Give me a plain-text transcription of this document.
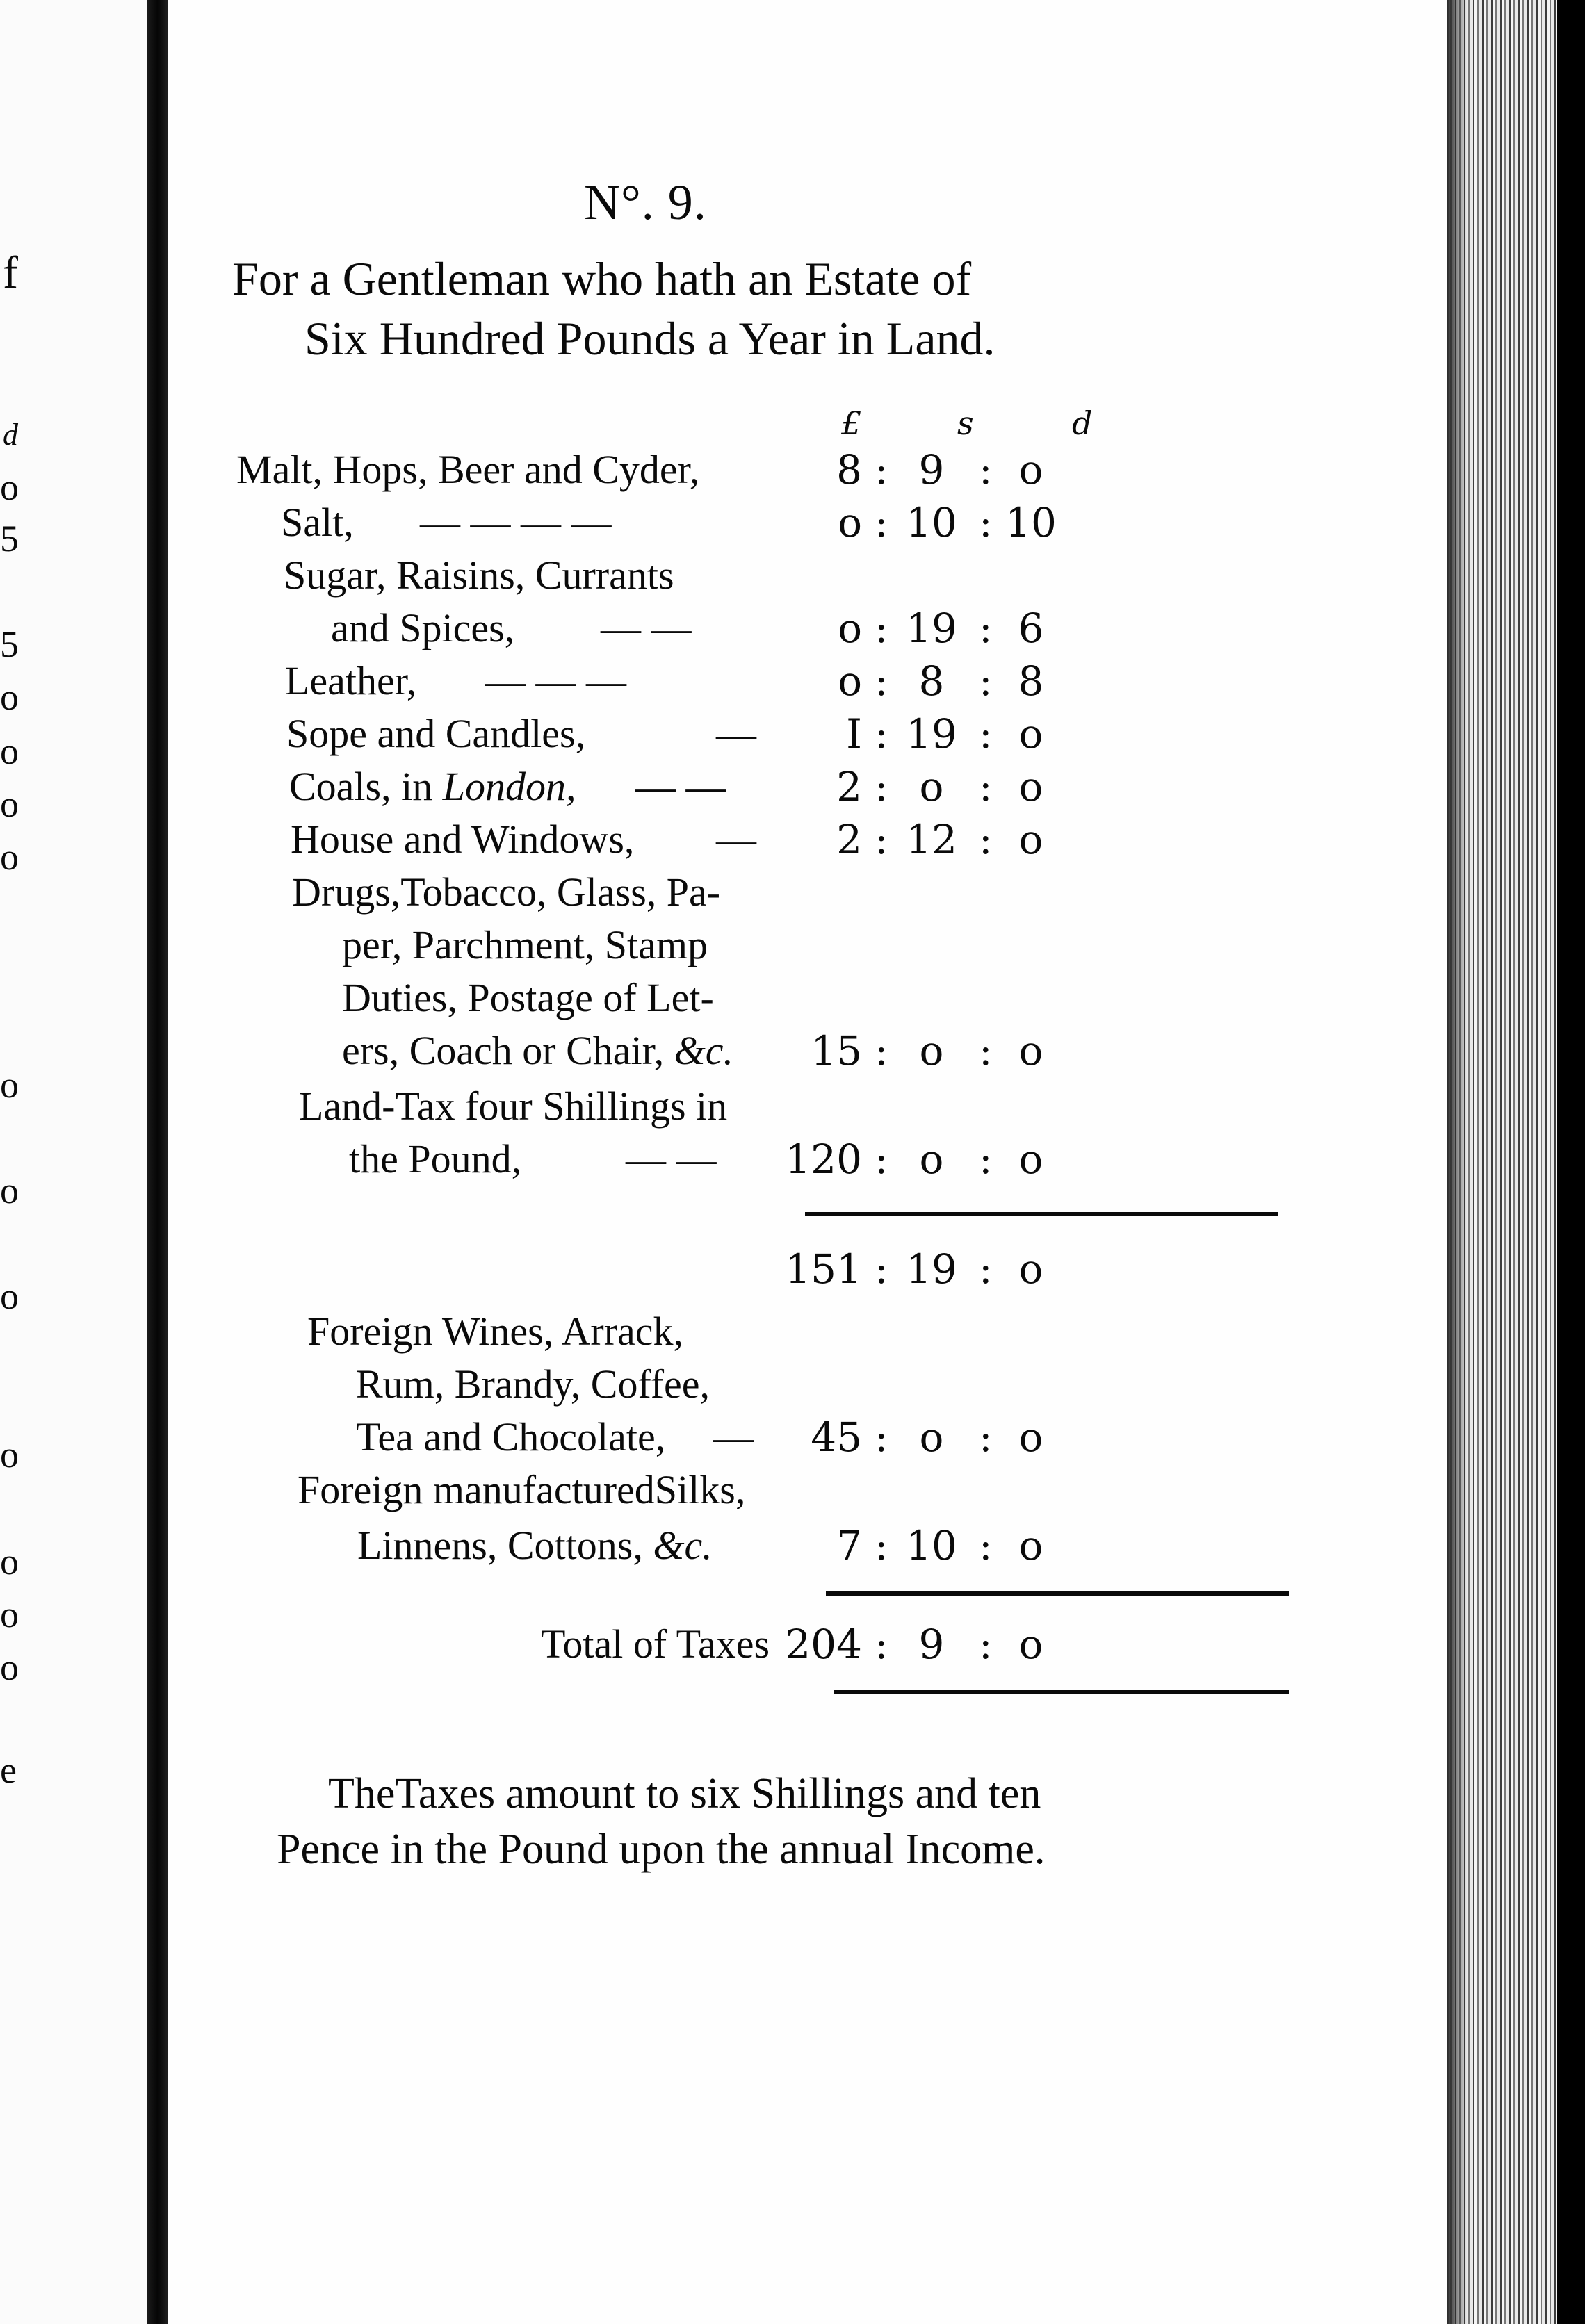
f
d
o
5
5
o
o
o
o
o
o
o
o
o
o
o
e
N°. 9.
For a Gentleman who hath an Estate of
Six Hundred Pounds a Year in Land.
£	s	d
Malt, Hops, Beer and Cyder,	8 : 9 : o
Salt, — — — —	o : 10 : 10
Sugar, Raisins, Currants
and Spices, — —	o : 19 : 6
Leather, — — —	o : 8 : 8
Sope and Candles,	—	I : 19 : o
Coals, in London, — —	2 : o : o
House and Windows, —	2 : 12 : o
Drugs,Tobacco, Glass, Pa-
per, Parchment, Stamp
Duties, Postage of Let-
ers, Coach or Chair, &c.	15 : o : o
Land-Tax four Shillings in
the Pound,	— —	120 : o : o
151 : 19 : o
Foreign Wines, Arrack,
Rum, Brandy, Coffee,
Tea and Chocolate, —	45 : o : o
Foreign manufacturedSilks,
Linnens, Cottons, &c.	7 : 10 : o
Total of Taxes 204 : 9 : o
TheTaxes amount to six Shillings and ten
Pence in the Pound upon the annual Income.
